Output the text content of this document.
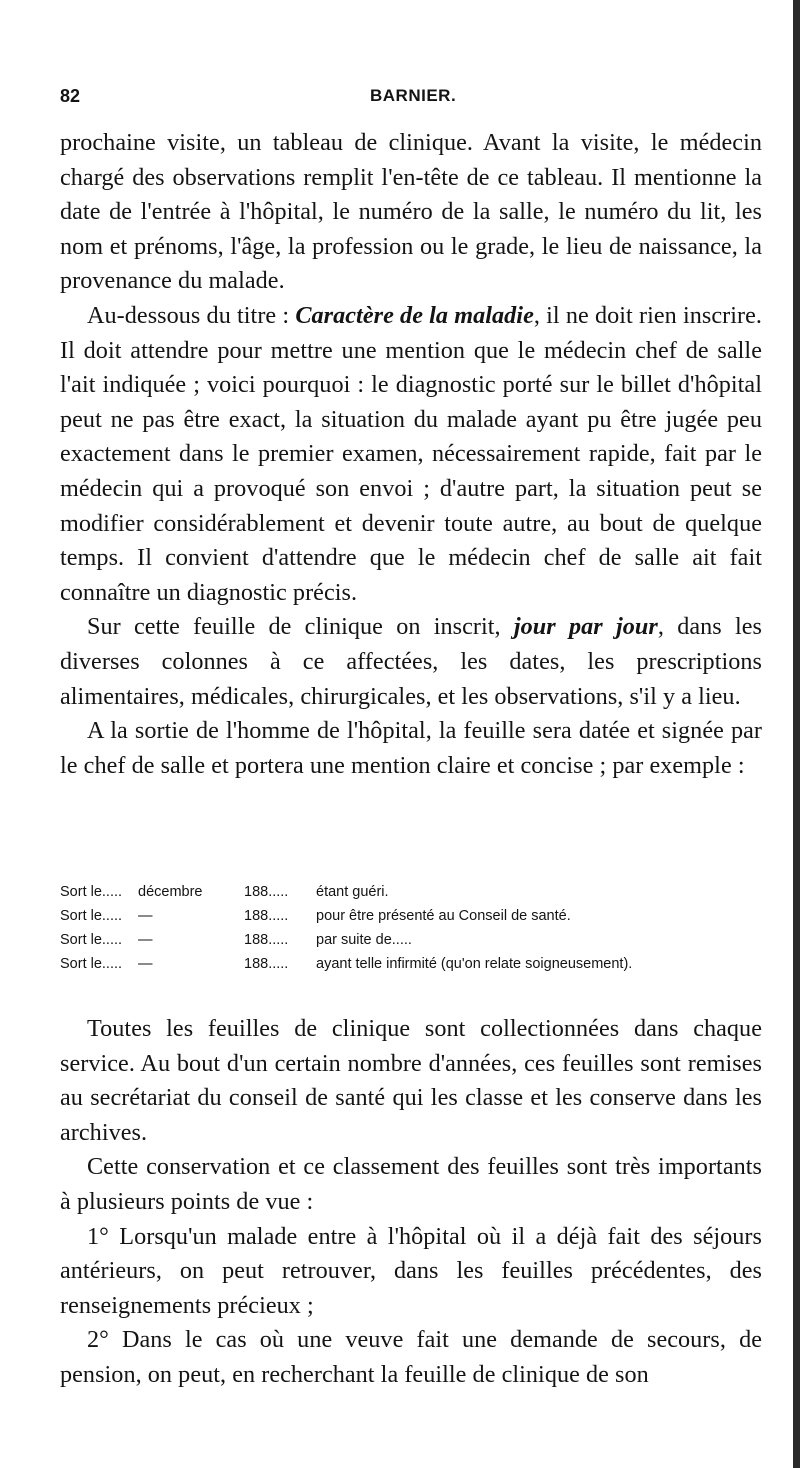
82	BARNIER.

prochaine visite, un tableau de clinique. Avant la visite, le médecin chargé des observations remplit l'en-tête de ce tableau. Il mentionne la date de l'entrée à l'hôpital, le numéro de la salle, le numéro du lit, les nom et prénoms, l'âge, la profession ou le grade, le lieu de naissance, la provenance du malade.

Au-dessous du titre : Caractère de la maladie, il ne doit rien inscrire. Il doit attendre pour mettre une mention que le médecin chef de salle l'ait indiquée ; voici pourquoi : le diagnostic porté sur le billet d'hôpital peut ne pas être exact, la situation du malade ayant pu être jugée peu exactement dans le premier examen, nécessairement rapide, fait par le médecin qui a provoqué son envoi ; d'autre part, la situation peut se modifier considérablement et devenir toute autre, au bout de quelque temps. Il convient d'attendre que le médecin chef de salle ait fait connaître un diagnostic précis.

Sur cette feuille de clinique on inscrit, jour par jour, dans les diverses colonnes à ce affectées, les dates, les prescriptions alimentaires, médicales, chirurgicales, et les observations, s'il y a lieu.

A la sortie de l'homme de l'hôpital, la feuille sera datée et signée par le chef de salle et portera une mention claire et concise ; par exemple :

Sort le..... décembre	188..... étant guéri.
Sort le..... —	188..... pour être présenté au Conseil de santé.
Sort le..... —	188..... par suite de.....
Sort le..... —	188..... ayant telle infirmité (qu'on relate soigneusement).

Toutes les feuilles de clinique sont collectionnées dans chaque service. Au bout d'un certain nombre d'années, ces feuilles sont remises au secrétariat du conseil de santé qui les classe et les conserve dans les archives.

Cette conservation et ce classement des feuilles sont très importants à plusieurs points de vue :

1° Lorsqu'un malade entre à l'hôpital où il a déjà fait des séjours antérieurs, on peut retrouver, dans les feuilles précédentes, des renseignements précieux ;

2° Dans le cas où une veuve fait une demande de secours, de pension, on peut, en recherchant la feuille de clinique de son
